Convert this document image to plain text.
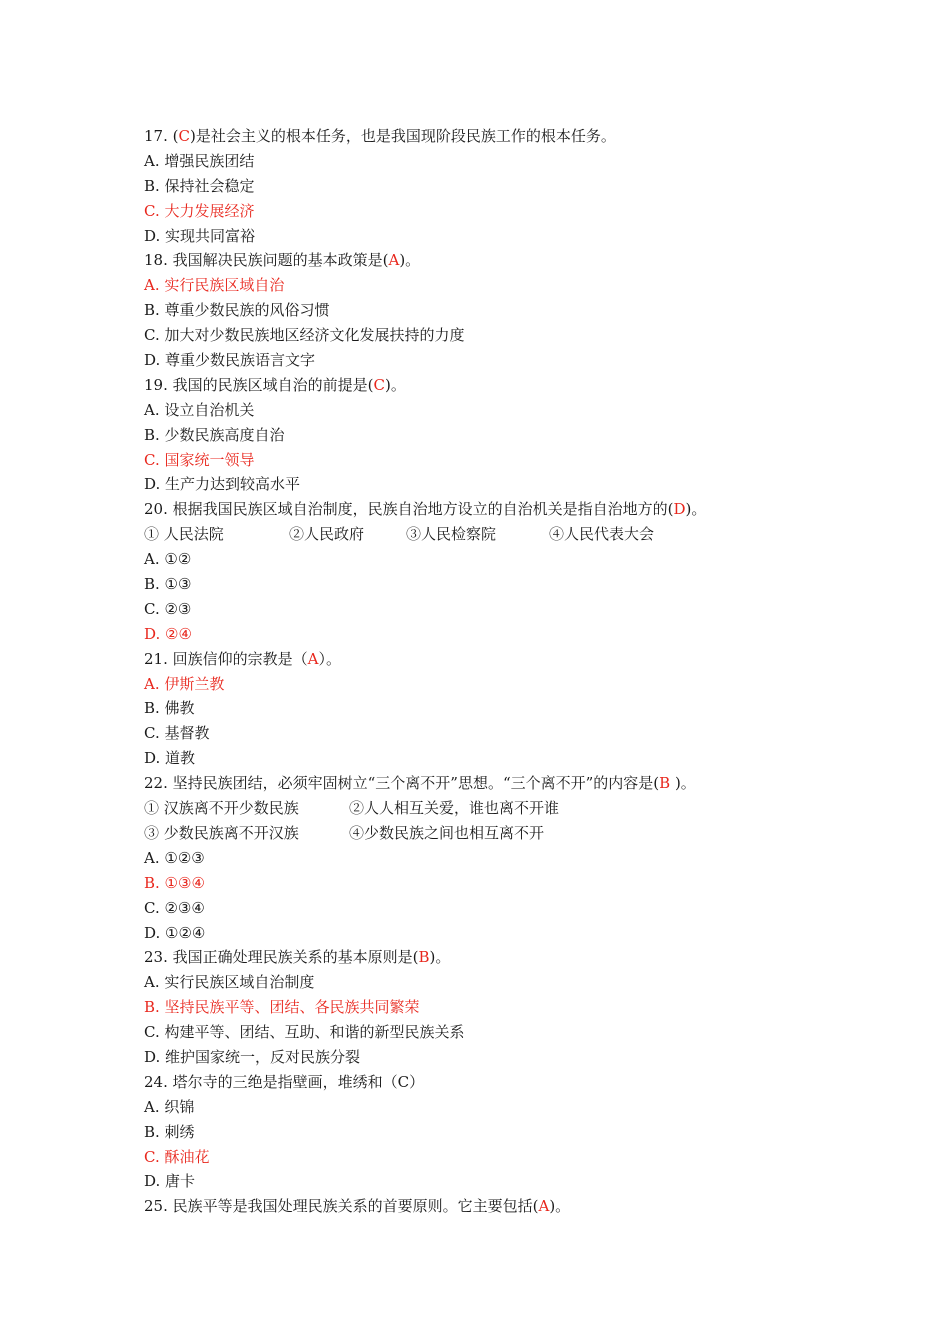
17. (C)是社会主义的根本任务，也是我国现阶段民族工作的根本任务。
A. 增强民族团结
B. 保持社会稳定
C. 大力发展经济
D. 实现共同富裕
18. 我国解决民族问题的基本政策是(A)。
A. 实行民族区域自治
B. 尊重少数民族的风俗习惯
C. 加大对少数民族地区经济文化发展扶持的力度
D. 尊重少数民族语言文字
19. 我国的民族区域自治的前提是(C)。
A. 设立自治机关
B. 少数民族高度自治
C. 国家统一领导
D. 生产力达到较高水平
20. 根据我国民族区域自治制度，民族自治地方设立的自治机关是指自治地方的(D)。
① 人民法院	②人民政府	③人民检察院	④人民代表大会
A. ①②
B. ①③
C. ②③
D. ②④
21. 回族信仰的宗教是（A）。
A. 伊斯兰教
B. 佛教
C. 基督教
D. 道教
22. 坚持民族团结，必须牢固树立“三个离不开”思想。“三个离不开”的内容是(B )。
① 汉族离不开少数民族	②人人相互关爱，谁也离不开谁
③ 少数民族离不开汉族	④少数民族之间也相互离不开
A. ①②③
B. ①③④
C. ②③④
D. ①②④
23. 我国正确处理民族关系的基本原则是(B)。
A. 实行民族区域自治制度
B. 坚持民族平等、团结、各民族共同繁荣
C. 构建平等、团结、互助、和谐的新型民族关系
D. 维护国家统一，反对民族分裂
24. 塔尔寺的三绝是指壁画，堆绣和（C）
A. 织锦
B. 刺绣
C. 酥油花
D. 唐卡
25. 民族平等是我国处理民族关系的首要原则。它主要包括(A)。
